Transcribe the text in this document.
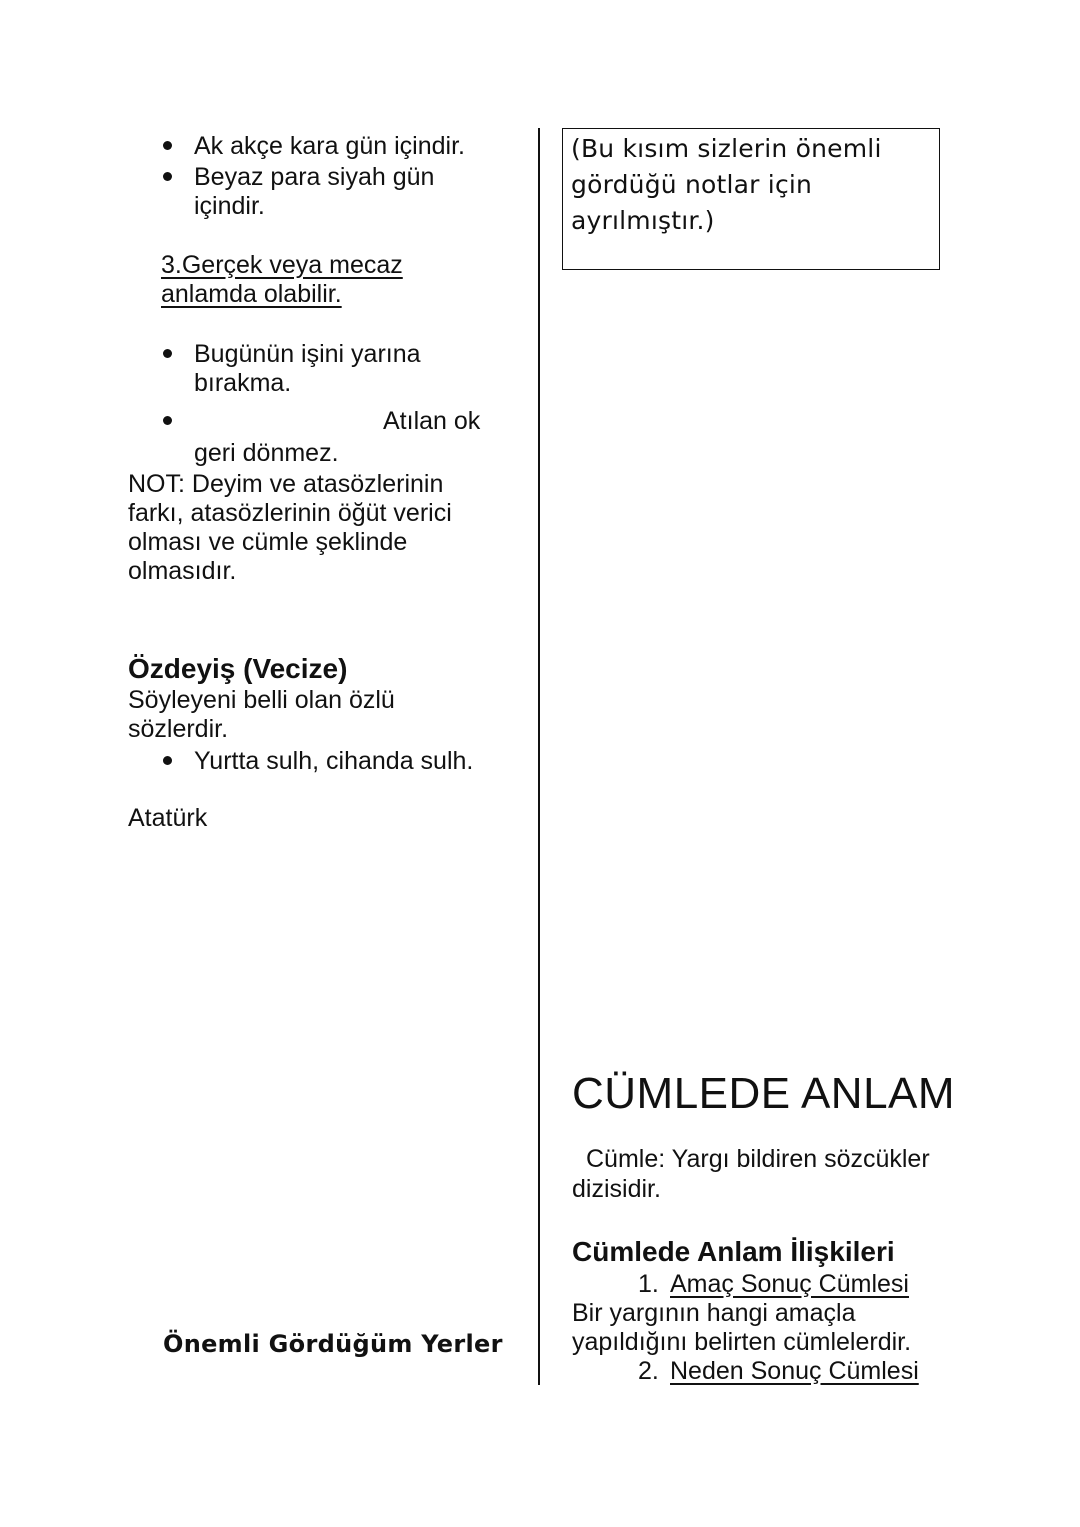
Ak akçe kara gün içindir.
Beyaz para siyah gün
içindir.
3.Gerçek veya mecaz
anlamda olabilir.
Bugünün işini yarına
bırakma.
Atılan ok
geri dönmez.
NOT: Deyim ve atasözlerinin
farkı, atasözlerinin öğüt verici
olması ve cümle şeklinde
olmasıdır.
Özdeyiş (Vecize)
Söyleyeni belli olan özlü
sözlerdir.
Yurtta sulh, cihanda sulh.
Atatürk
Önemli Gördüğüm Yerler
(Bu kısım sizlerin önemli
gördüğü notlar için
ayrılmıştır.)
CÜMLEDE ANLAM
Cümle: Yargı bildiren sözcükler
dizisidir.
Cümlede Anlam İlişkileri
1. Amaç Sonuç Cümlesi
Bir yargının hangi amaçla
yapıldığını belirten cümlelerdir.
2. Neden Sonuç Cümlesi
